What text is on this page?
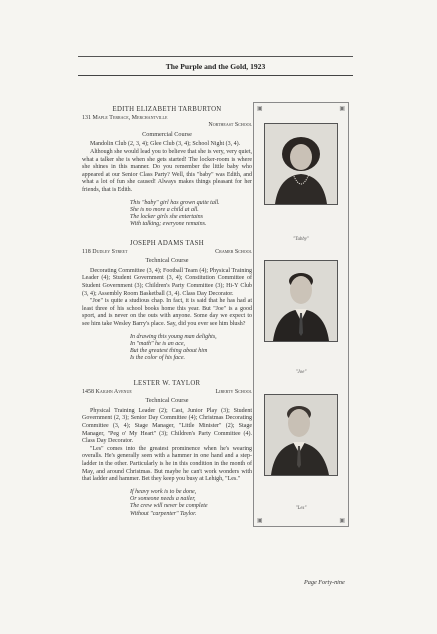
The Purple and the Gold, 1923
EDITH ELIZABETH TARBURTON
131 Maple Terrace, Merchantville
Northeast School
Commercial Course

Mandolin Club (2, 3, 4); Glee Club (3, 4); School Night (3, 4).

Although she would lead you to believe that she is very, very quiet, what a talker she is when she gets started! The locker-room is where she shines in this manner. Do you remember the little baby who appeared at our Senior Class Party? Well, this "baby" was Edith, and what a lot of fun she caused! Always makes things pleasant for her friends, that is Edith.

This "baby" girl has grown quite tall.
She is no more a child at all.
The locker girls she entertains
With talking; everyone remains.
JOSEPH ADAMS TASH
118 Dudley Street	Cramer School
Technical Course

Decorating Committee (3, 4); Football Team (4); Physical Training Leader (4); Student Government (3, 4); Constitution Committee of Student Government (3); Children's Party Committee (3); Hi-Y Club (3, 4); Assembly Room Basketball (3, 4). Class Day Decorator.

"Joe" is quite a studious chap. In fact, it is said that he has had at least three of his school books home this year. But "Joe" is a good sport, and is never on the outs with anyone. Some day we expect to see him take Wesley Barry's place. Say, did you ever see him blush?

In drawing this young man delights,
In "math" he is an ace,
But the greatest thing about him
Is the color of his face.
LESTER W. TAYLOR
1458 Kaighn Avenue	Liberty School
Technical Course

Physical Training Leader (2); Cast, Junior Play (3); Student Government (2, 3); Senior Day Committee (4); Christmas Decorating Committee (3, 4); Stage Manager, "Little Minister" (2); Stage Manager, "Peg o' My Heart" (3); Children's Party Committee (4). Class Day Decorator.

"Les" comes into the greatest prominence when he's wearing overalls. He's generally seen with a hammer in one hand and a step-ladder in the other. Particularly is he in this condition in the month of May, and around Christmas. But maybe he can't work wonders with that ladder and hammer. Bet they keep you busy at Lehigh, "Les."

If heavy work is to be done,
Or someone needs a nailer,
The crew will never be complete
Without "carpenter" Taylor.
▣	▣
"Tubby"
"Joe"
"Les"
▣	▣
Page Forty-nine
